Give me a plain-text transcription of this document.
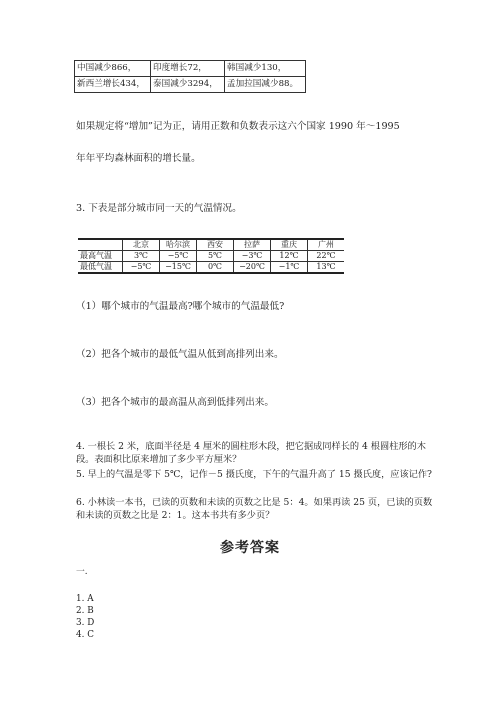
中国减少866，	印度增长72，	韩国减少130，
新西兰增长434，	泰国减少3294，	孟加拉国减少88。
如果规定将“增加”记为正，请用正数和负数表示这六个国家 1990 年～1995
年年平均森林面积的增长量。
3. 下表是部分城市同一天的气温情况。
	北京	哈尔滨	西安	拉萨	重庆	广州
最高气温	3℃	−5℃	5℃	−3℃	12℃	22℃
最低气温	−5℃	−15℃	0℃	−20℃	−1℃	13℃
（1）哪个城市的气温最高?哪个城市的气温最低?
（2）把各个城市的最低气温从低到高排列出来。
（3）把各个城市的最高温从高到低排列出来。
4. 一根长 2 米，底面半径是 4 厘米的圆柱形木段，把它据成同样长的 4 根圆柱形的木段。表面积比原来增加了多少平方厘米？
5. 早上的气温是零下 5℃，记作－5 摄氏度，下午的气温升高了 15 摄氏度，应该记作?
6. 小林读一本书，已读的页数和未读的页数之比是 5：4。如果再读 25 页，已读的页数和未读的页数之比是 2：1。这本书共有多少页？
参考答案
一.
1. A
2. B
3. D
4. C
